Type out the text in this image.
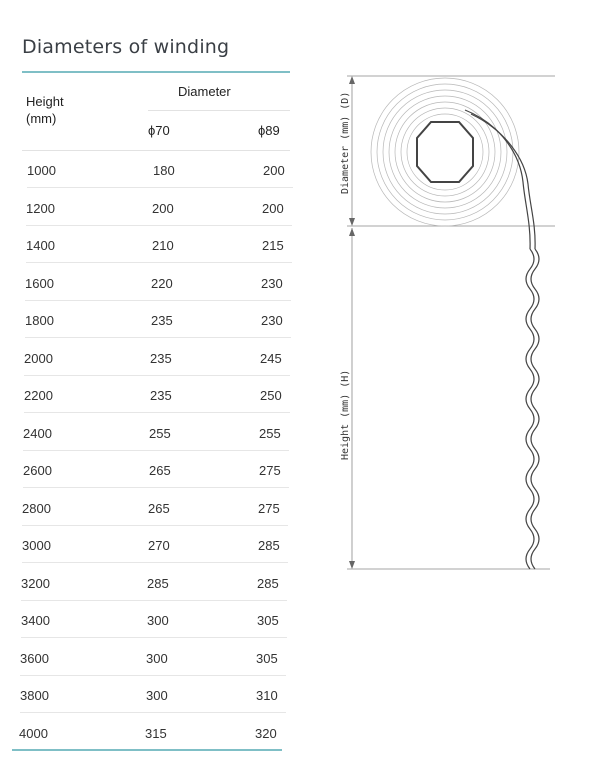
Diameters of winding
Height
(mm)
Diameter
ϕ70	ϕ89
1000	180	200
1200	200	200
1400	210	215
1600	220	230
1800	235	230
2000	235	245
2200	235	250
2400	255	255
2600	265	275
2800	265	275
3000	270	285
3200	285	285
3400	300	305
3600	300	305
3800	300	310
4000	315	320
Diameter (mm) (D)
Height (mm) (H)
